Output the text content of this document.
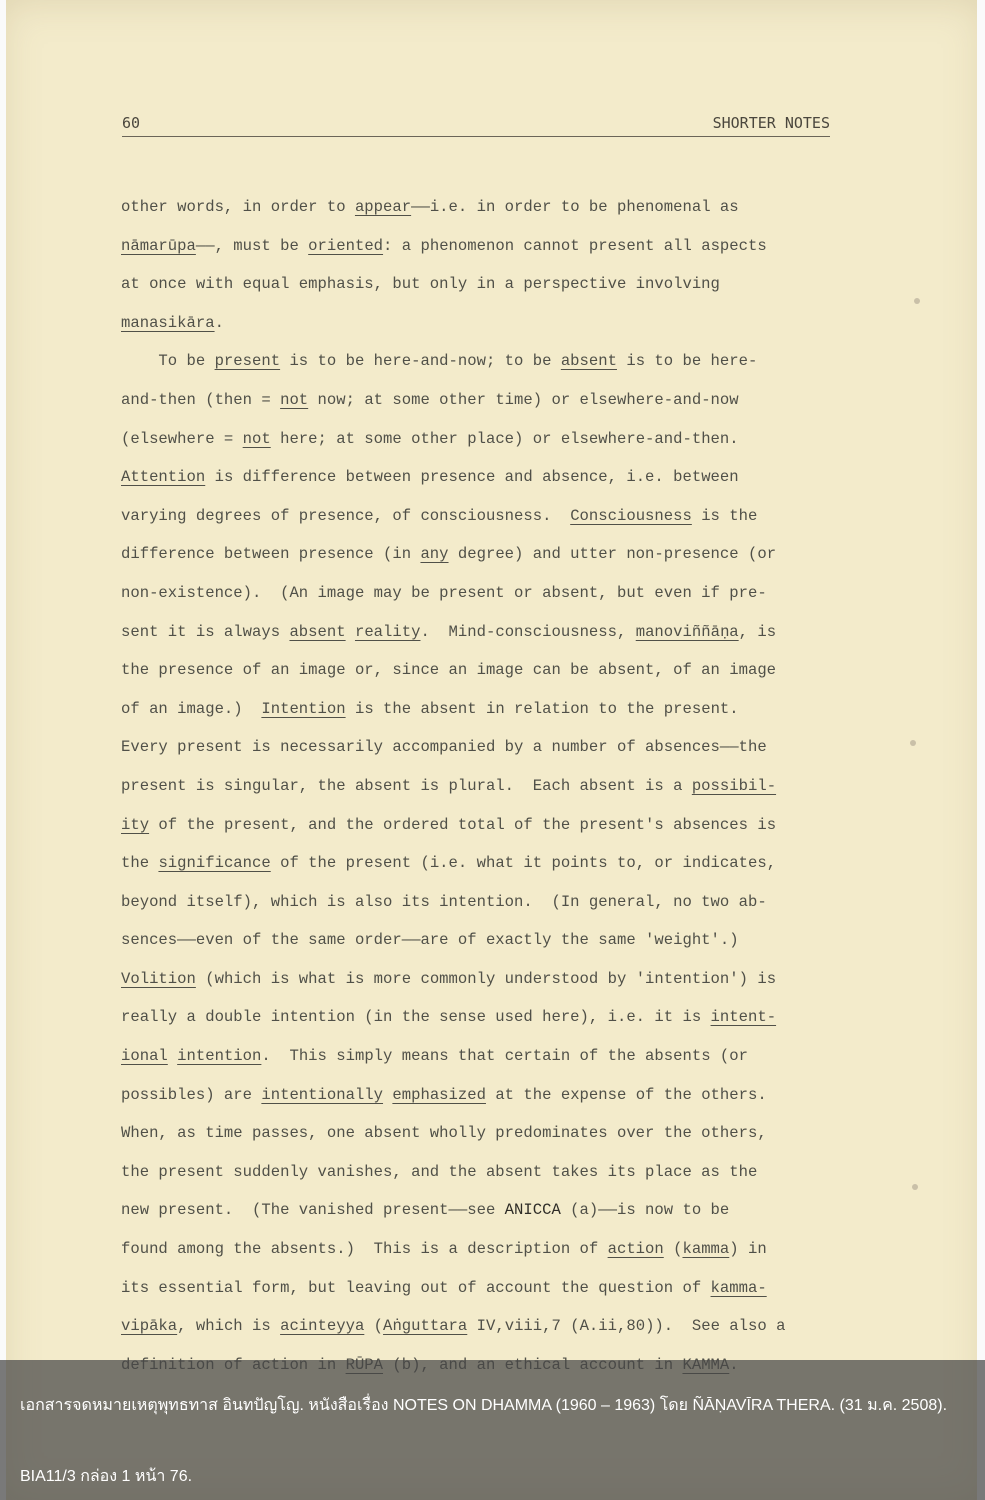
60	SHORTER NOTES
other words, in order to appear——i.e. in order to be phenomenal as
nāmarūpa——, must be oriented: a phenomenon cannot present all aspects
at once with equal emphasis, but only in a perspective involving
manasikāra.
To be present is to be here-and-now; to be absent is to be here-
and-then (then = not now; at some other time) or elsewhere-and-now
(elsewhere = not here; at some other place) or elsewhere-and-then.
Attention is difference between presence and absence, i.e. between
varying degrees of presence, of consciousness.  Consciousness is the
difference between presence (in any degree) and utter non-presence (or
non-existence).  (An image may be present or absent, but even if pre-
sent it is always absent reality.  Mind-consciousness, manoviññāṇa, is
the presence of an image or, since an image can be absent, of an image
of an image.)  Intention is the absent in relation to the present.
Every present is necessarily accompanied by a number of absences——the
present is singular, the absent is plural.  Each absent is a possibil-
ity of the present, and the ordered total of the present's absences is
the significance of the present (i.e. what it points to, or indicates,
beyond itself), which is also its intention.  (In general, no two ab-
sences——even of the same order——are of exactly the same 'weight'.)
Volition (which is what is more commonly understood by 'intention') is
really a double intention (in the sense used here), i.e. it is intent-
ional intention.  This simply means that certain of the absents (or
possibles) are intentionally emphasized at the expense of the others.
When, as time passes, one absent wholly predominates over the others,
the present suddenly vanishes, and the absent takes its place as the
new present.  (The vanished present——see ANICCA (a)——is now to be
found among the absents.)  This is a description of action (kamma) in
its essential form, but leaving out of account the question of kamma-
vipāka, which is acinteyya (Aṅguttara IV,viii,7 (A.ii,80)).  See also a
เอกสารจดหมายเหตุพุทธทาส อินทปัญโญ. หนังสือเรื่อง NOTES ON DHAMMA (1960 – 1963) โดย ÑĀṆAVĪRA THERA. (31 ม.ค. 2508).
BIA11/3 กล่อง 1 หน้า 76.
